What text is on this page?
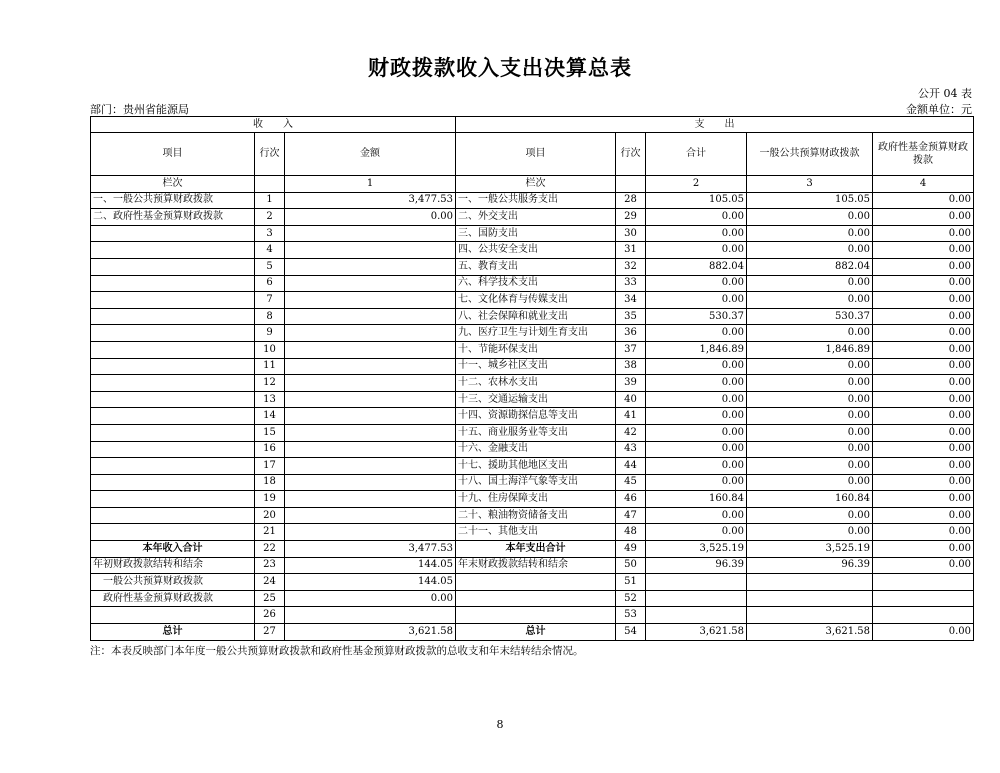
财政拨款收入支出决算总表
公开 04 表
部门：贵州省能源局	金额单位：元
收　　入			支　　出				
项目	行次	金额	项目	行次	合计	一般公共预算财政拨款	政府性基金预算财政拨款
栏次		1	栏次		2	3	4
一、一般公共预算财政拨款	1	3,477.53	一、一般公共服务支出	28	105.05	105.05	0.00
二、政府性基金预算财政拨款	2	0.00	二、外交支出	29	0.00	0.00	0.00
	3		三、国防支出	30	0.00	0.00	0.00
	4		四、公共安全支出	31	0.00	0.00	0.00
	5		五、教育支出	32	882.04	882.04	0.00
	6		六、科学技术支出	33	0.00	0.00	0.00
	7		七、文化体育与传媒支出	34	0.00	0.00	0.00
	8		八、社会保障和就业支出	35	530.37	530.37	0.00
	9		九、医疗卫生与计划生育支出	36	0.00	0.00	0.00
	10		十、节能环保支出	37	1,846.89	1,846.89	0.00
	11		十一、城乡社区支出	38	0.00	0.00	0.00
	12		十二、农林水支出	39	0.00	0.00	0.00
	13		十三、交通运输支出	40	0.00	0.00	0.00
	14		十四、资源勘探信息等支出	41	0.00	0.00	0.00
	15		十五、商业服务业等支出	42	0.00	0.00	0.00
	16		十六、金融支出	43	0.00	0.00	0.00
	17		十七、援助其他地区支出	44	0.00	0.00	0.00
	18		十八、国土海洋气象等支出	45	0.00	0.00	0.00
	19		十九、住房保障支出	46	160.84	160.84	0.00
	20		二十、粮油物资储备支出	47	0.00	0.00	0.00
	21		二十一、其他支出	48	0.00	0.00	0.00
本年收入合计	22	3,477.53	本年支出合计	49	3,525.19	3,525.19	0.00
年初财政拨款结转和结余	23	144.05	年末财政拨款结转和结余	50	96.39	96.39	0.00
一般公共预算财政拨款	24	144.05		51			
政府性基金预算财政拨款	25	0.00		52			
	26			53			
总计	27	3,621.58	总计	54	3,621.58	3,621.58	0.00
注：本表反映部门本年度一般公共预算财政拨款和政府性基金预算财政拨款的总收支和年末结转结余情况。
8
